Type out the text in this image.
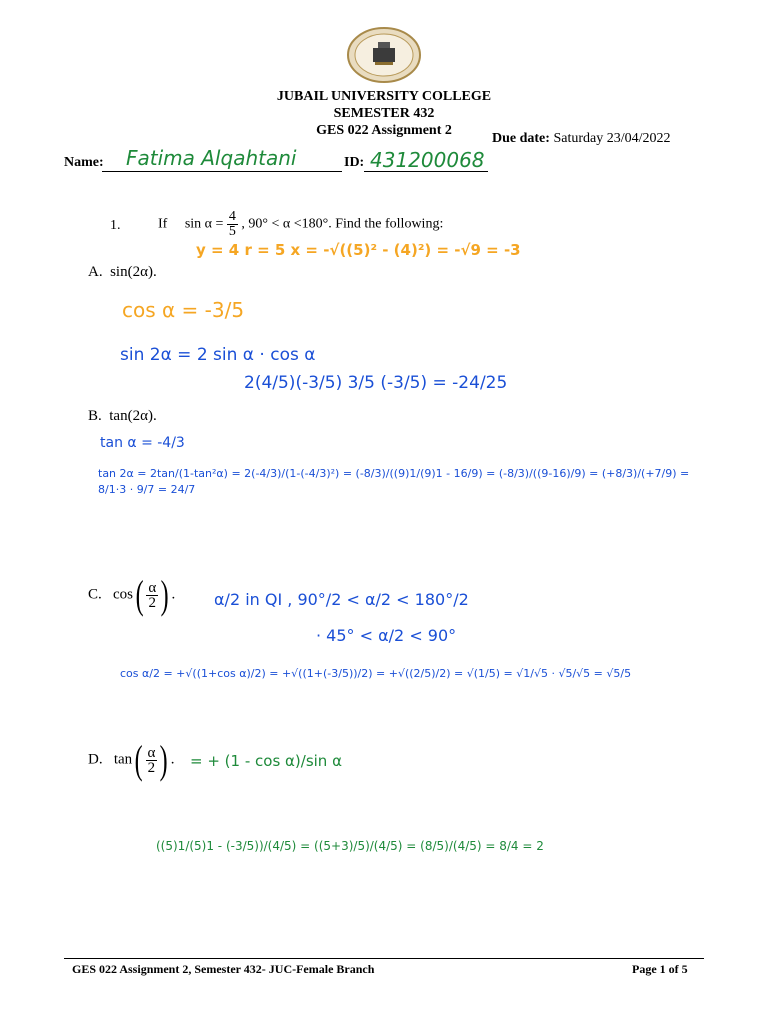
JUBAIL UNIVERSITY COLLEGE
SEMESTER 432
GES 022 Assignment 2
Due date: Saturday 23/04/2022
Name: Fatima Alqahtani	ID: 431200068
1.	If $\sin \alpha = \frac{4}{5}$ , 90° < α <180°. Find the following:
y = 4 r = 5 x = -√((5)² - (4)²) = -√9 = -3
A. sin(2α).
cos α = -3/5
sin 2α = 2 sin α · cos α
2(4/5)(-3/5) 3/5 (-3/5) = -24/25
B. tan(2α).
tan α = -4/3
tan 2α = 2tan/(1-tan²α) = 2(-4/3)/(1-(-4/3)²) = (-8/3)/((9)1/(9)1 - 16/9) = (-8/3)/((9-16)/9) = (+8/3)/(+7/9) = 8/1·3 · 9/7 = 24/7
C. $\cos( \frac{\alpha}{2}$ ) . α/2 in QI , 90°/2 < α/2 < 180°/2
· 45° < α/2 < 90°
cos α/2 = +√((1+cos α)/2) = +√((1+(-3/5))/2) = +√((2/5)/2) = √(1/5) = √1/√5 · √5/√5 = √5/5
D. $\tan( \frac{\alpha}{2}$ ) . = + (1 - cos α)/sin α
((5)1/(5)1 - (-3/5))/(4/5) = ((5+3)/5)/(4/5) = (8/5)/(4/5) = 8/4 = 2
GES 022 Assignment 2, Semester 432- JUC-Female Branch	Page 1 of 5
